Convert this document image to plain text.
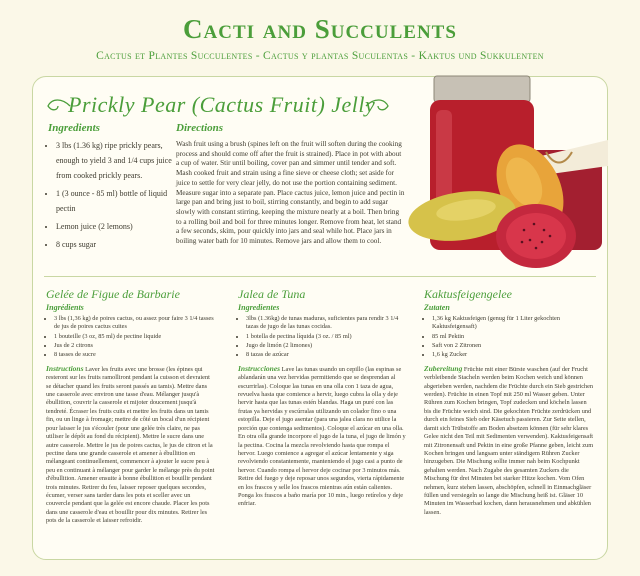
Cacti and Succulents
Cactus et Plantes Succulentes - Cactus y plantas Suculentas - Kaktus und Sukkulenten
Prickly Pear (Cactus Fruit) Jelly
Ingredients	Directions
• 3 lbs (1.36 kg) ripe prickly pears, enough to yield 3 and 1/4 cups juice from cooked prickly pears.
• 1 (3 ounce - 85 ml) bottle of liquid pectin
• Lemon juice (2 lemons)
• 8 cups sugar

Wash fruit using a brush (spines left on the fruit will soften during the cooking process and should come off after the fruit is strained). Place in pot with about a cup of water. Stir until boiling, cover pan and simmer until tender and soft. Mash cooked fruit and strain using a fine sieve or cheese cloth; set aside for juice to settle for very clear jelly, do not use the portion containing sediment. Measure sugar into a separate pan. Place cactus juice, lemon juice and pectin in large pan and bring just to boil, stirring constantly, and begin to add sugar slowly with constant stirring, keeping the mixture nearly at a boil. Then bring to a rolling boil and boil for three minutes longer. Remove from heat, let stand a few seconds, skim, pour quickly into jars and seal while hot. Place jars in boiling water bath for 10 minutes. Remove jars and allow them to cool.

Gelée de Figue de Barbarie
Ingrédients
• 3 lbs (1,36 kg) de poires cactus, ou assez pour faire 3 1/4 tasses de jus de poires cactus cuites
• 1 bouteille (3 oz, 85 ml) de pectine liquide
• Jus de 2 citrons
• 8 tasses de sucre

Instructions Laver les fruits avec une brosse (les épines qui resteront sur les fruits ramolliront pendant la cuisson et devraient se détacher quand les fruits seront passés au tamis). Mettre dans une casserole avec environ une tasse d'eau. Mélanger jusqu'à ébullition, couvrir la casserole et mijoter doucement jusqu'à tendreté. Écraser les fruits cuits et mettre les fruits dans un tamis fin, ou un linge à fromage; mettre de côté un bocal d'un récipient pour laisser le jus s'écouler (pour une gelée très claire, ne pas utiliser le dépôt au fond du récipient). Mettre le sucre dans une autre casserole. Mettre le jus de poires cactus, le jus de citron et la pectine dans une grande casserole et amener à ébullition en mélangeant continuellement, commencer à ajouter le sucre peu à peu en continuant à mélanger pour garder le mélange près du point d'ébullition. Amener ensuite à bonne ébullition et bouillir pendant trois minutes. Retirer du feu, laisser reposer quelques secondes, écumer, verser sans tarder dans les pots et sceller avec un couvercle pendant que la gelée est encore chaude. Placer les pots dans une casserole d'eau et bouillir pour dix minutes. Retirer les pots de la casserole et laisser refroidir.

Jalea de Tuna
Ingredientes
• 3lbs (1.36kg) de tunas maduras, suficientes para rendir 3 1/4 tazas de jugo de las tunas cocidas.
• 1 botella de pectina líquida (3 oz. / 85 ml)
• Jugo de limón (2 limones)
• 8 tazas de azúcar

Instrucciones Lave las tunas usando un cepillo (las espinas se ablandarán una vez hervidas permitiendo que se desprendan al escurrirlas). Coloque las tunas en una olla con 1 taza de agua, revuelva hasta que comience a hervir, luego cubra la olla y deje hervir hasta que las tunas estén blandas. Haga un puré con las frutas ya hervidas y escúrralas utilizando un colador fino o una estopilla. Deje el jugo asentar (para una jalea clara no utilice la porción que contenga sedimentos). Coloque el azúcar en una olla. En otra olla grande incorpore el jugo de la tuna, el jugo de limón y la pectina. Cocina la mezcla revolviendo hasta que rompa el hervor. Luego comience a agregar el azúcar lentamente y siga revolviendo constantemente, manteniendo el jugo casi a punto de hervor. Cuando rompa el hervor deje cocinar por 3 minutos más. Retire del fuego y deje reposar unos segundos, vierta rápidamente en los frascos y selle los frascos mientras aún están calientes. Ponga los frascos a baño maría por 10 min., luego retírelos y deje enfriar.

Kaktusfeigengelee
Zutaten
• 1,36 kg Kaktusfeigen (genug für 1 Liter gekochten Kaktusfeigensaft)
• 85 ml Pektin
• Saft von 2 Zitronen
• 1,6 kg Zucker

Zubereitung Früchte mit einer Bürste waschen (auf der Frucht verbleibende Stacheln werden beim Kochen weich und können abgerieben werden, nachdem die Früchte durch ein Sieb gestrichen werden). Früchte in einen Topf mit 250 ml Wasser geben. Unter Rühren zum Kochen bringen, Topf zudecken und köcheln lassen bis die Früchte weich sind. Die gekochten Früchte zerdrücken und durch ein feines Sieb oder Käsetuch passieren. Zur Seite stellen, damit sich Trübstoffe am Boden absetzen können (für sehr klares Gelee nicht den Teil mit Sedimenten verwenden). Kaktusfeigensaft mit Zitronensaft und Pektin in eine große Pfanne geben, leicht zum Kochen bringen und langsam unter ständigem Rühren Zucker hinzugeben. Die Mischung sollte immer nah beim Kochpunkt gehalten werden. Nach Zugabe des gesamten Zuckers die Mischung für drei Minuten bei starker Hitze kochen. Vom Ofen nehmen, kurz stehen lassen, abschöpfen, schnell in Einmachgläser füllen und versiegeln so lange die Mischung heiß ist. Gläser 10 Minuten im Wasserbad kochen, dann herausnehmen und abkühlen lassen.
